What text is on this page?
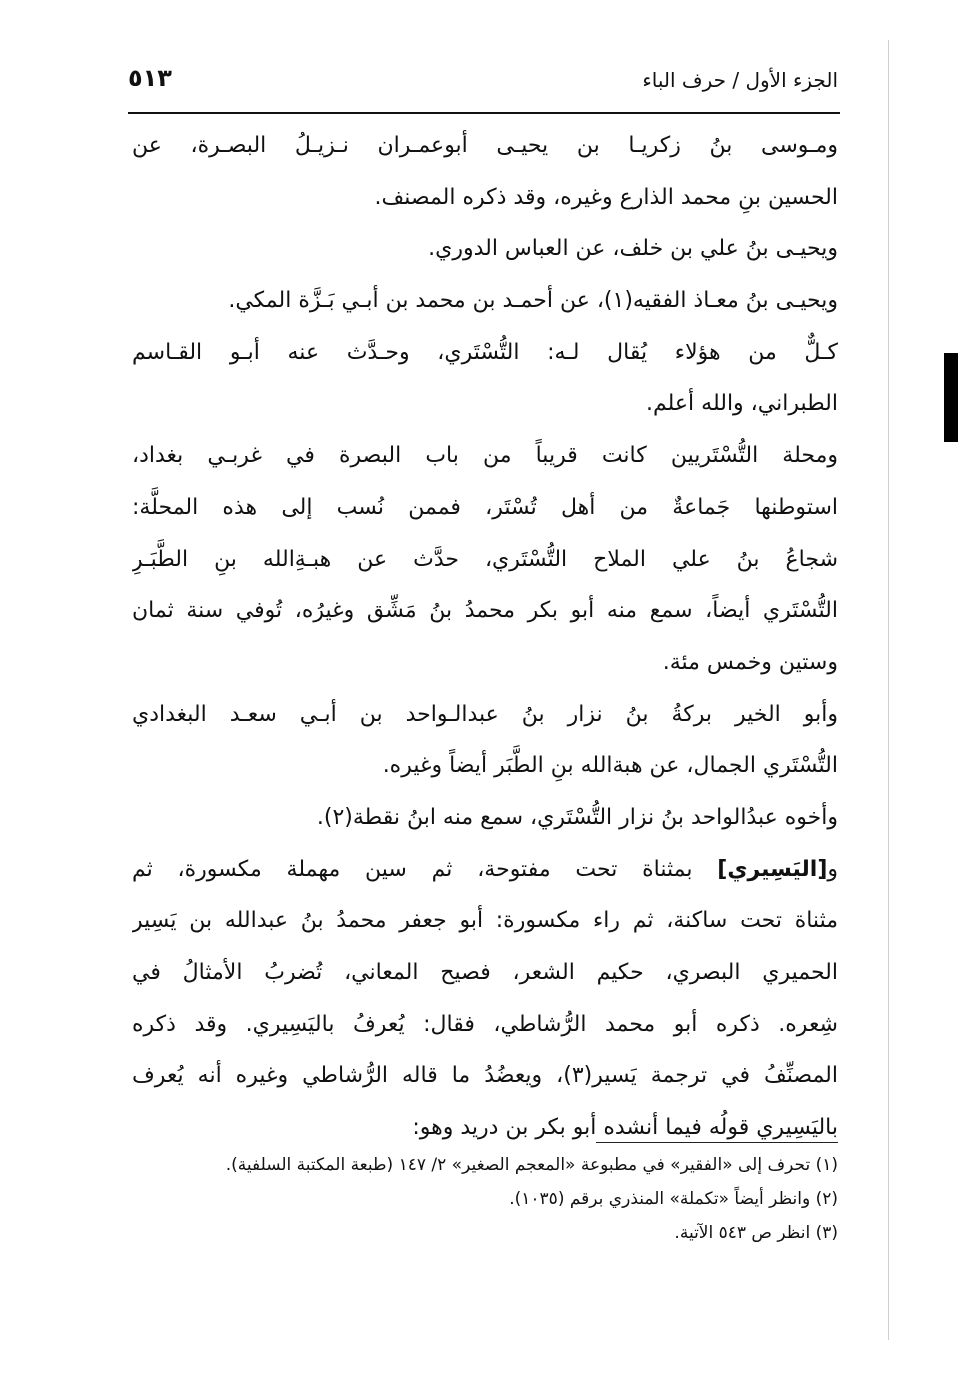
الجزء الأول / حرف الباء
٥١٣
ومـوسى بنُ زكريـا بن يحيـى أبوعمـران نـزيـلُ البصـرة، عن
الحسين بنِ محمد الذارع وغيره، وقد ذكره المصنف.
ويحيـى بنُ علي بن خلف، عن العباس الدوري.
ويحيـى بنُ معـاذ الفقيه(١)، عن أحمـد بن محمد بن أبـي بَـزَّة المكي.
كـلٌّ من هؤلاء يُقال لـه: التُّسْتَري، وحـدَّث عنه أبـو القـاسم
الطبراني، والله أعلم.
ومحلة التُّسْتَريين كانت قريباً من باب البصرة في غربـي بغداد،
استوطنها جَماعةٌ من أهل تُسْتَر، فممن نُسب إلى هذه المحلَّة:
شجاعُ بنُ علي الملاح التُّسْتَري، حدَّث عن هبـةِالله بنِ الطَّبَـرِ
التُّسْتَري أيضاً، سمع منه أبو بكر محمدُ بنُ مَشِّق وغيرُه، تُوفي سنة ثمان
وستين وخمس مئة.
وأبو الخير بركةُ بنُ نزار بنُ عبدالـواحد بن أبـي سعـد البغدادي
التُّسْتَري الجمال، عن هبةالله بنِ الطَّبَر أيضاً وغيره.
وأخوه عبدُالواحد بنُ نزار التُّسْتَري، سمع منه ابنُ نقطة(٢).
و[اليَسِيري] بمثناة تحت مفتوحة، ثم سين مهملة مكسورة، ثم
مثناة تحت ساكنة، ثم راء مكسورة: أبو جعفر محمدُ بنُ عبدالله بن يَسِير
الحميري البصري، حكيم الشعر، فصيح المعاني، تُضربُ الأمثالُ في
شِعره. ذكره أبو محمد الرُّشاطي، فقال: يُعرفُ باليَسِيري. وقد ذكره
المصنِّفُ في ترجمة يَسير(٣)، ويعضُدُ ما قاله الرُّشاطي وغيره أنه يُعرف
باليَسِيري قولُه فيما أنشده أبو بكر بن دريد وهو:
(١) تحرف إلى «الفقير» في مطبوعة «المعجم الصغير» ٢/ ١٤٧ (طبعة المكتبة السلفية).
(٢) وانظر أيضاً «تكملة» المنذري برقم (١٠٣٥).
(٣) انظر ص ٥٤٣ الآتية.
